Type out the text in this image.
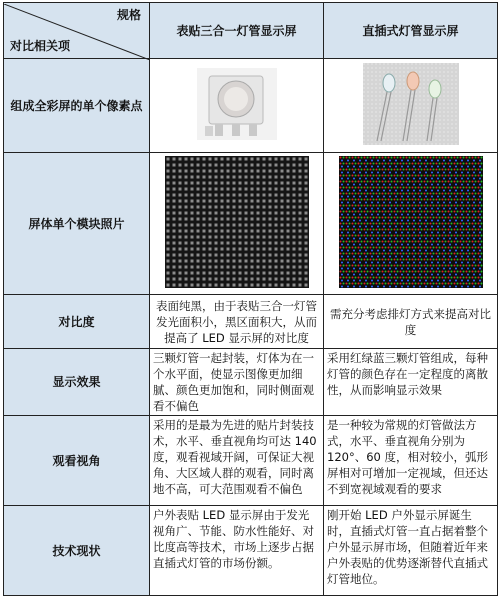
规格
对比相关项	表贴三合一灯管显示屏	直插式灯管显示屏
组成全彩屏的单个像素点		
屏体单个模块照片		
对比度	表面纯黑，由于表贴三合一灯管发光面积小，黑区面积大，从而提高了 LED 显示屏的对比度	需充分考虑排灯方式来提高对比度
显示效果	三颗灯管一起封装，灯体为在一个水平面，使显示图像更加细腻、颜色更加饱和，同时侧面观看不偏色	采用红绿蓝三颗灯管组成，每种灯管的颜色存在一定程度的离散性，从而影响显示效果
观看视角	采用的是最为先进的贴片封装技术，水平、垂直视角均可达 140 度，观看视域开阔，可保证大视角、大区域人群的观看，同时离地不高，可大范围观看不偏色	是一种较为常规的灯管做法方式，水平、垂直视角分别为 120°、60 度，相对较小，弧形屏相对可增加一定视域，但还达不到宽视域观看的要求
技术现状	户外表贴 LED 显示屏由于发光视角广、节能、防水性能好、对比度高等技术，市场上逐步占据直插式灯管的市场份额。	刚开始 LED 户外显示屏诞生时，直插式灯管一直占据着整个户外显示屏市场，但随着近年来户外表贴的优势逐渐替代直插式灯管地位。
